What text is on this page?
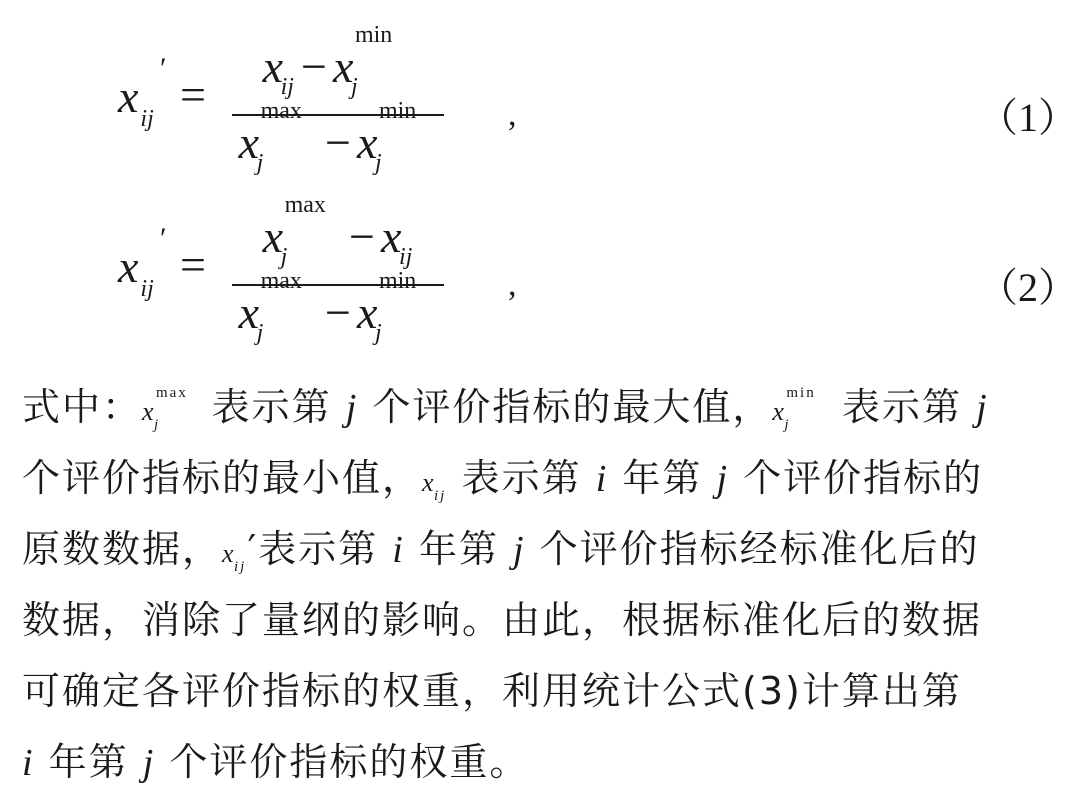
$x_{ij}$
′
=
x
ij − x
j
min
x
j
max
− x
j
min	,	（1）
$x_{ij}$
′
=
x
j
max
− x
ij
x
j
max
− x
j
min	,	（2）
式中：x
max
j 表示第 j 个评价指标的最大值，x
min
j 表示第 j
个评价指标的最小值，x
ij 表示第 i 年第 j 个评价指标的
原数数据，x
ij ′表示第 i 年第 j 个评价指标经标准化后的
数据，消除了量纲的影响。由此，根据标准化后的数据
可确定各评价指标的权重，利用统计公式(3)计算出第
i 年第 j 个评价指标的权重。
